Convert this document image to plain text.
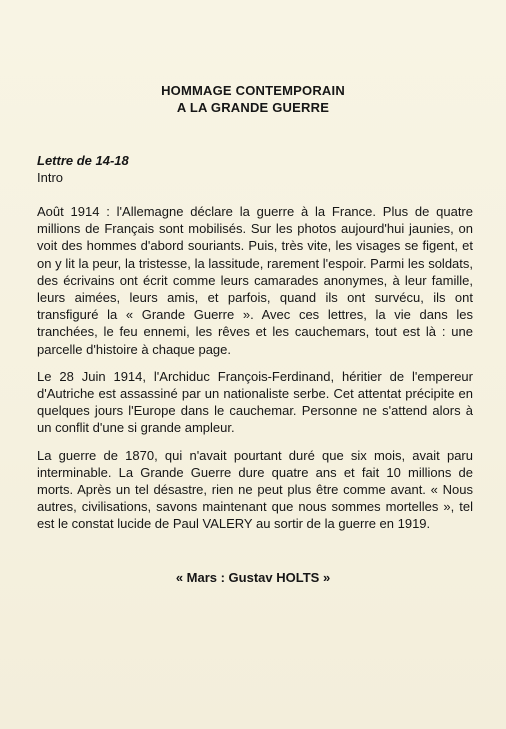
HOMMAGE CONTEMPORAIN
A LA GRANDE GUERRE
Lettre de 14-18
Intro

Août 1914 : l'Allemagne déclare la guerre à la France. Plus de quatre millions de Français sont mobilisés. Sur les photos aujourd'hui jaunies, on voit des hommes d'abord souriants. Puis, très vite, les visages se figent, et on y lit la peur, la tristesse, la lassitude, rarement l'espoir. Parmi les soldats, des écrivains ont écrit comme leurs camarades anonymes, à leur famille, leurs aimées, leurs amis, et parfois, quand ils ont survécu, ils ont transfiguré la « Grande Guerre ». Avec ces lettres, la vie dans les tranchées, le feu ennemi, les rêves et les cauchemars, tout est là : une parcelle d'histoire à chaque page.

Le 28 Juin 1914, l'Archiduc François-Ferdinand, héritier de l'empereur d'Autriche est assassiné par un nationaliste serbe. Cet attentat précipite en quelques jours l'Europe dans le cauchemar. Personne ne s'attend alors à un conflit d'une si grande ampleur.

La guerre de 1870, qui n'avait pourtant duré que six mois, avait paru interminable. La Grande Guerre dure quatre ans et fait 10 millions de morts. Après un tel désastre, rien ne peut plus être comme avant. « Nous autres, civilisations, savons maintenant que nous sommes mortelles », tel est le constat lucide de Paul VALERY au sortir de la guerre en 1919.

« Mars : Gustav HOLTS »
